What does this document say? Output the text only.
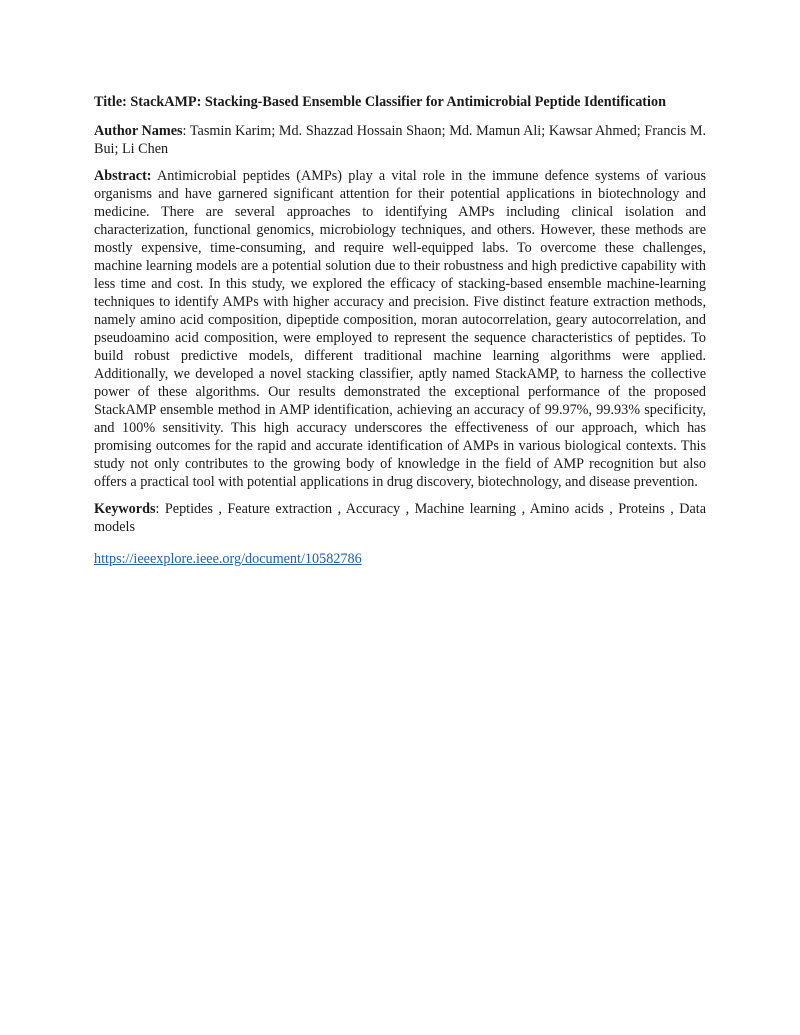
Title: StackAMP: Stacking-Based Ensemble Classifier for Antimicrobial Peptide Identification

Author Names: Tasmin Karim; Md. Shazzad Hossain Shaon; Md. Mamun Ali; Kawsar Ahmed; Francis M. Bui; Li Chen

Abstract: Antimicrobial peptides (AMPs) play a vital role in the immune defence systems of various organisms and have garnered significant attention for their potential applications in biotechnology and medicine. There are several approaches to identifying AMPs including clinical isolation and characterization, functional genomics, microbiology techniques, and others. However, these methods are mostly expensive, time-consuming, and require well-equipped labs. To overcome these challenges, machine learning models are a potential solution due to their robustness and high predictive capability with less time and cost. In this study, we explored the efficacy of stacking-based ensemble machine-learning techniques to identify AMPs with higher accuracy and precision. Five distinct feature extraction methods, namely amino acid composition, dipeptide composition, moran autocorrelation, geary autocorrelation, and pseudoamino acid composition, were employed to represent the sequence characteristics of peptides. To build robust predictive models, different traditional machine learning algorithms were applied. Additionally, we developed a novel stacking classifier, aptly named StackAMP, to harness the collective power of these algorithms. Our results demonstrated the exceptional performance of the proposed StackAMP ensemble method in AMP identification, achieving an accuracy of 99.97%, 99.93% specificity, and 100% sensitivity. This high accuracy underscores the effectiveness of our approach, which has promising outcomes for the rapid and accurate identification of AMPs in various biological contexts. This study not only contributes to the growing body of knowledge in the field of AMP recognition but also offers a practical tool with potential applications in drug discovery, biotechnology, and disease prevention.

Keywords: Peptides , Feature extraction , Accuracy , Machine learning , Amino acids , Proteins , Data models

https://ieeexplore.ieee.org/document/10582786
